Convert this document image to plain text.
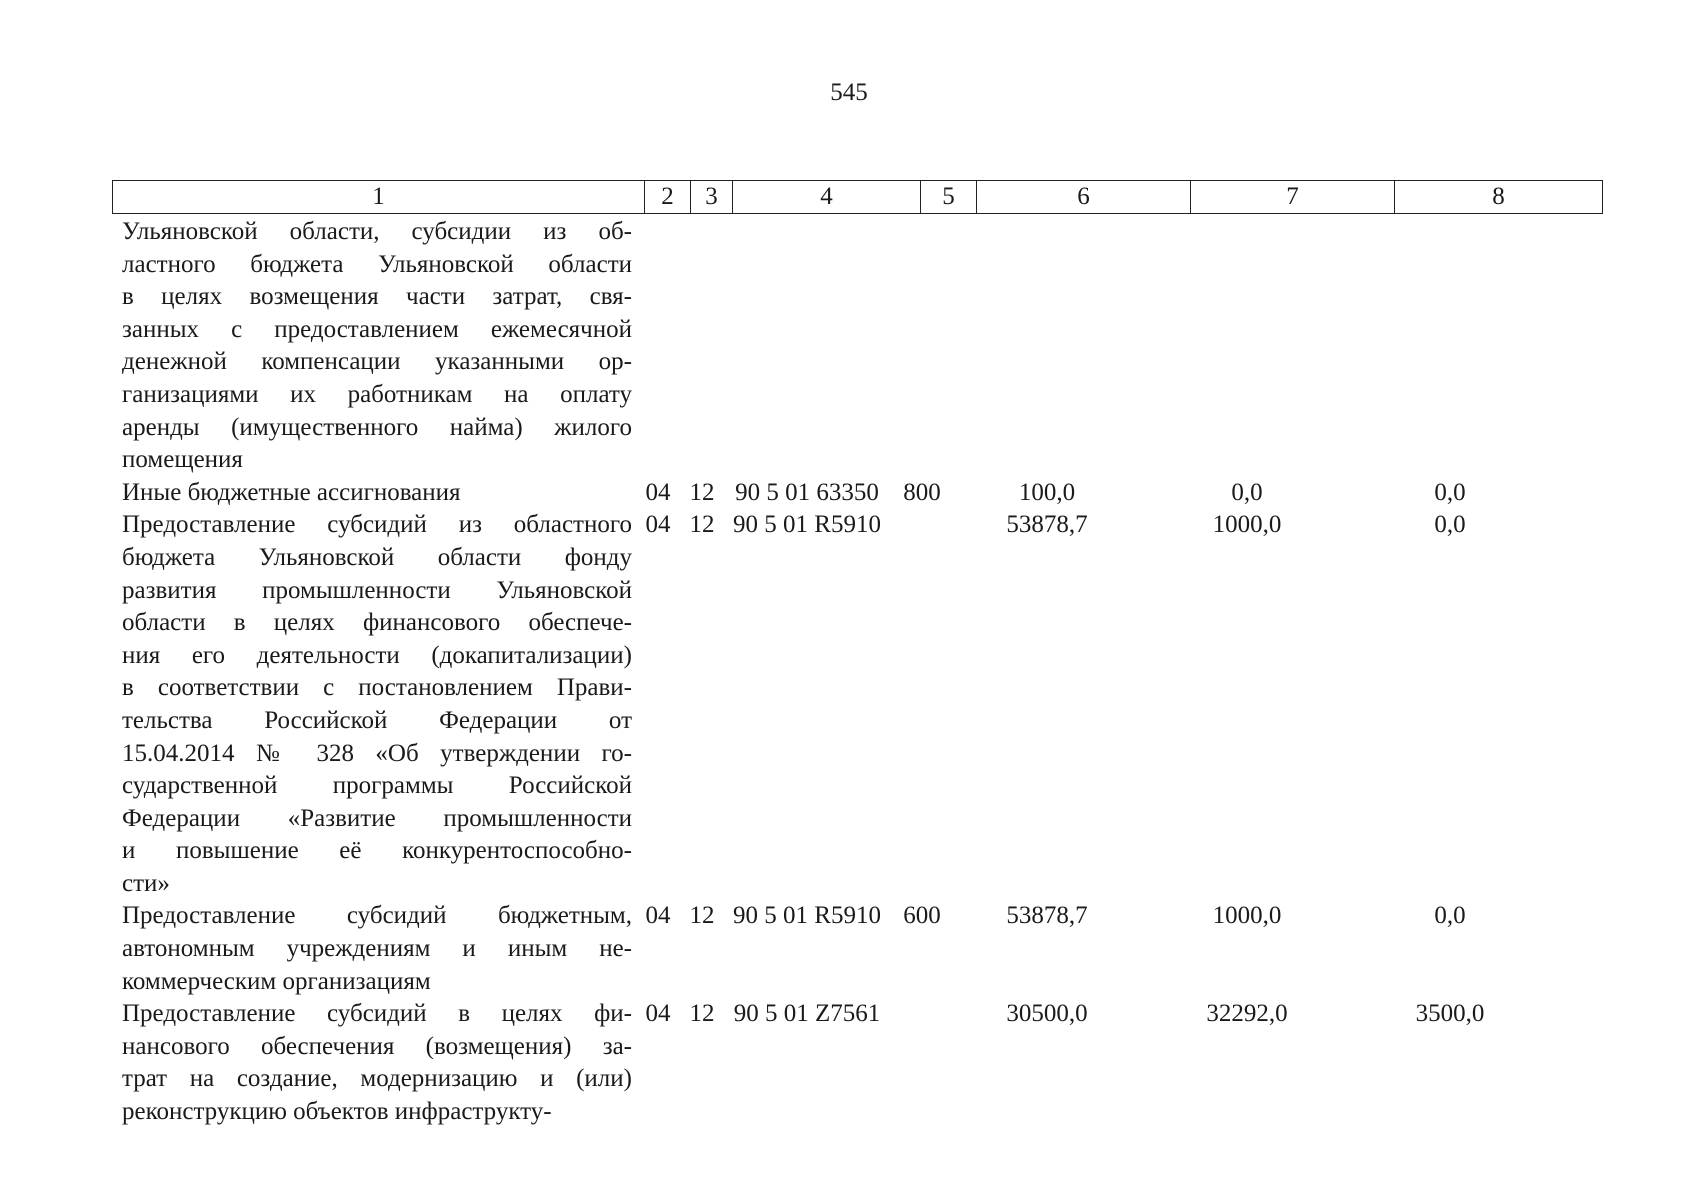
545
1	2	3	4	5	6	7	8
Ульяновской области, субсидии из об-
ластного бюджета Ульяновской области
в целях возмещения части затрат, свя-
занных с предоставлением ежемесячной
денежной компенсации указанными ор-
ганизациями их работникам на оплату
аренды (имущественного найма) жилого
помещения
Иные бюджетные ассигнования	04 12 90 5 01 63350 800	100,0	0,0	0,0
Предоставление субсидий из областного
бюджета Ульяновской области фонду
развития промышленности Ульяновской
области в целях финансового обеспече-
ния его деятельности (докапитализации)
в соответствии с постановлением Прави-
тельства Российской Федерации от
15.04.2014 № 328 «Об утверждении го-
сударственной программы Российской
Федерации «Развитие промышленности
и повышение её конкурентоспособно-
сти»
04 12 90 5 01 R5910	53878,7	1000,0	0,0
Предоставление субсидий бюджетным,
автономным учреждениям и иным не-
коммерческим организациям
04 12 90 5 01 R5910 600	53878,7	1000,0	0,0
Предоставление субсидий в целях фи-
нансового обеспечения (возмещения) за-
трат на создание, модернизацию и (или)
реконструкцию объектов инфраструкту-
04 12 90 5 01 Z7561	30500,0	32292,0	3500,0
